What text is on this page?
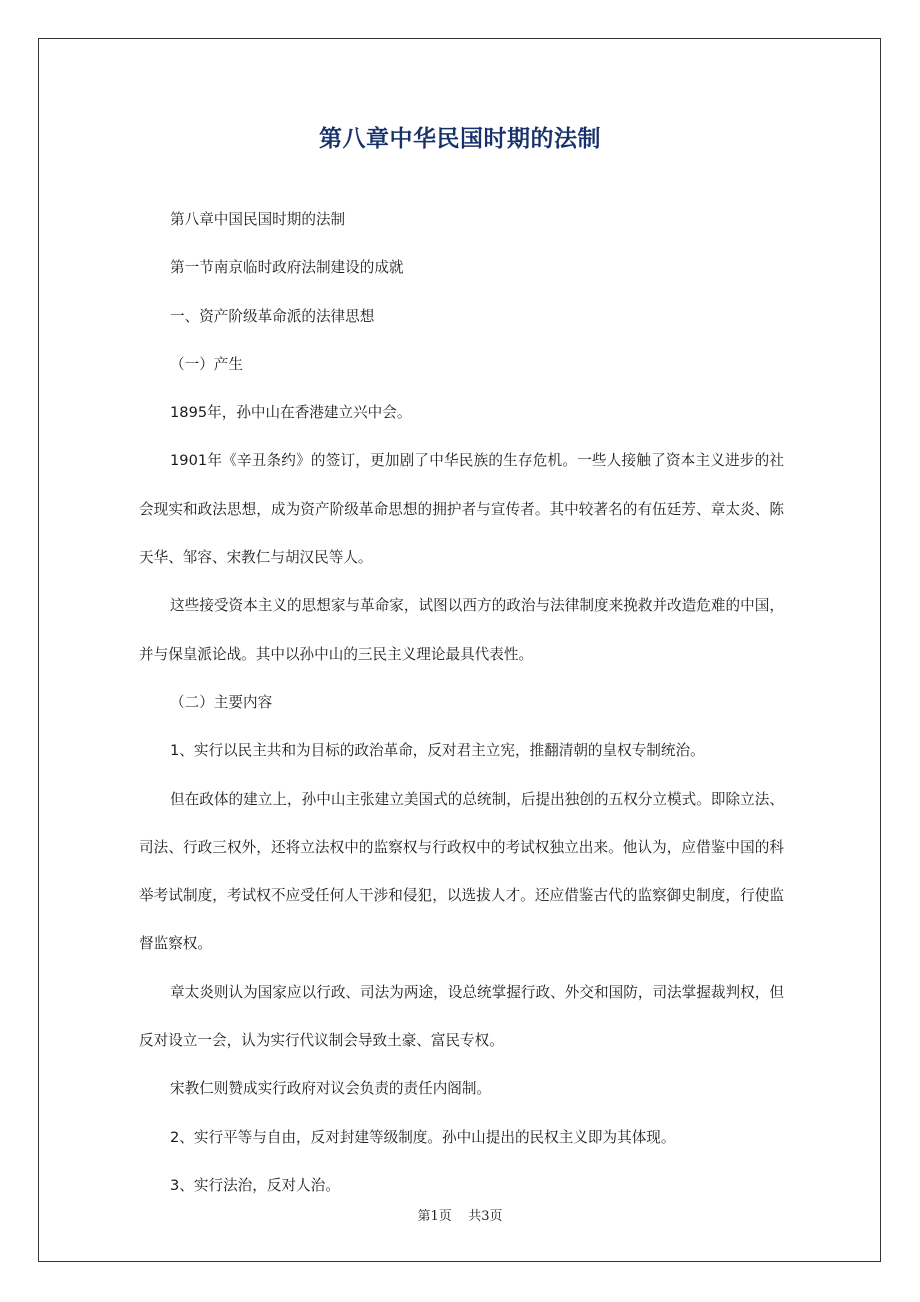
第八章中华民国时期的法制

第八章中国民国时期的法制

第一节南京临时政府法制建设的成就

一、资产阶级革命派的法律思想

（一）产生

1895年，孙中山在香港建立兴中会。

1901年《辛丑条约》的签订，更加剧了中华民族的生存危机。一些人接触了资本主义进步的社会现实和政法思想，成为资产阶级革命思想的拥护者与宣传者。其中较著名的有伍廷芳、章太炎、陈天华、邹容、宋教仁与胡汉民等人。

这些接受资本主义的思想家与革命家，试图以西方的政治与法律制度来挽救并改造危难的中国，并与保皇派论战。其中以孙中山的三民主义理论最具代表性。

（二）主要内容

1、实行以民主共和为目标的政治革命，反对君主立宪，推翻清朝的皇权专制统治。

但在政体的建立上，孙中山主张建立美国式的总统制，后提出独创的五权分立模式。即除立法、司法、行政三权外，还将立法权中的监察权与行政权中的考试权独立出来。他认为，应借鉴中国的科举考试制度，考试权不应受任何人干涉和侵犯，以选拔人才。还应借鉴古代的监察御史制度，行使监督监察权。

章太炎则认为国家应以行政、司法为两途，设总统掌握行政、外交和国防，司法掌握裁判权，但反对设立一会，认为实行代议制会导致土豪、富民专权。

宋教仁则赞成实行政府对议会负责的责任内阁制。

2、实行平等与自由，反对封建等级制度。孙中山提出的民权主义即为其体现。

3、实行法治，反对人治。

第1页 共3页
